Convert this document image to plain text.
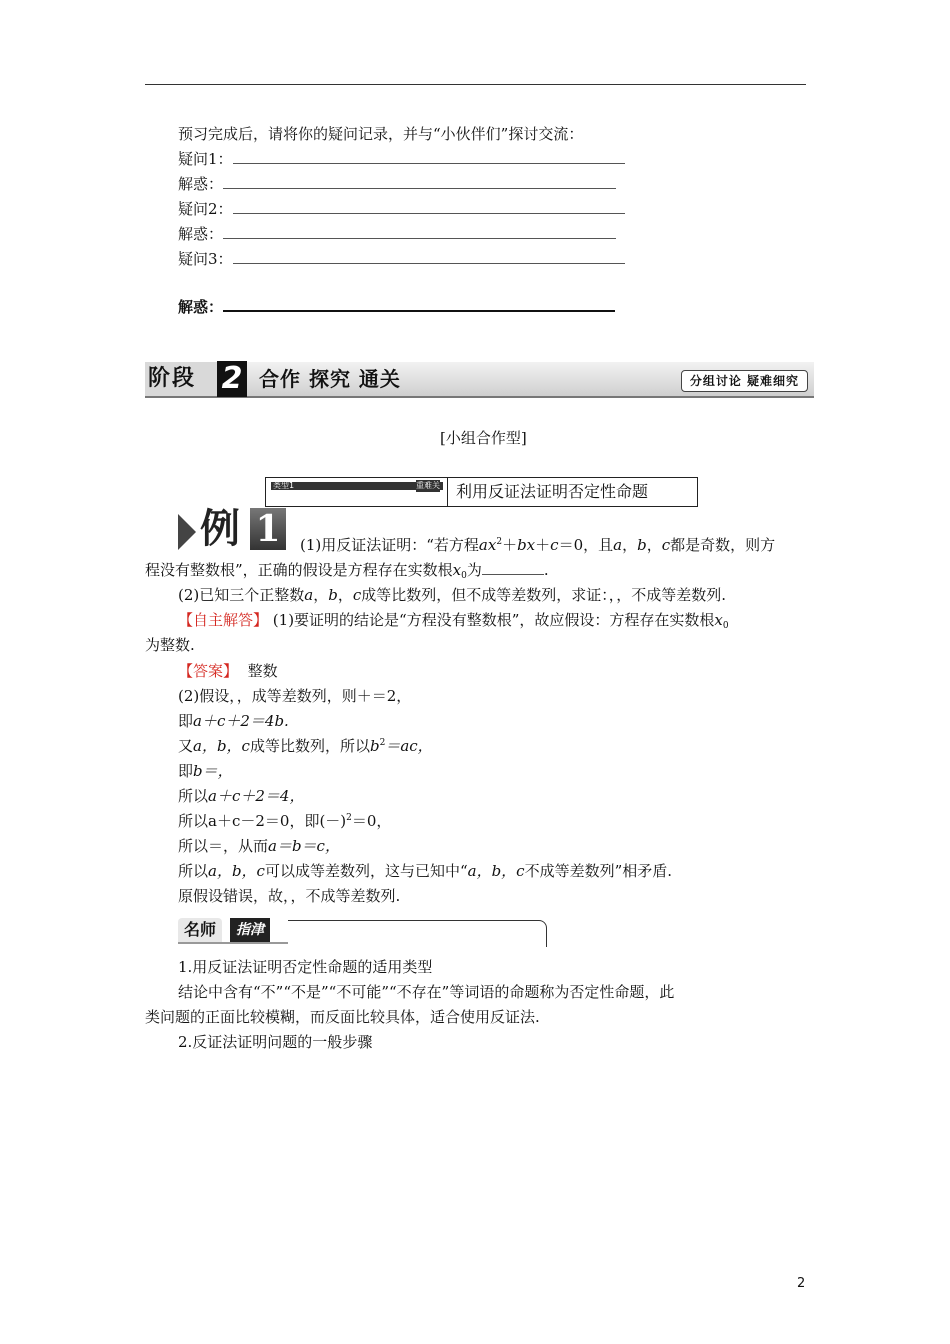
预习完成后，请将你的疑问记录，并与“小伙伴们”探讨交流：
疑问1：
解惑：
疑问2：
解惑：
疑问3：
解惑：
阶段 2 合作 探究 通关	分组讨论 疑难细究
[小组合作型]
类型1	重难关 利用反证法证明否定性命题
例 1	(1)用反证法证明：“若方程$ax^2+bx+c=0$，且a，b，c都是奇数，则方
程没有整数根”，正确的假设是方程存在实数根$x_0$为	.
(2)已知三个正整数a，b，c成等比数列，但不成等差数列，求证：，，不成等差数列.
【自主解答】 (1)要证明的结论是“方程没有整数根”，故应假设：方程存在实数根$x_0$
为整数.
【答案】 整数
(2)假设，，成等差数列，则＋＝2，
即a＋c＋2＝4b.
又a，b，c成等比数列，所以$b^2=ac$，
即b＝，
所以a＋c＋2＝4，
所以a＋c－2＝0，即$(-)^2=0$，
所以＝，从而a＝b＝c，
所以a，b，c可以成等差数列，这与已知中“a，b，c不成等差数列”相矛盾.
原假设错误，故，，不成等差数列.
名师	指津
1.用反证法证明否定性命题的适用类型
结论中含有“不”“不是”“不可能”“不存在”等词语的命题称为否定性命题，此
类问题的正面比较模糊，而反面比较具体，适合使用反证法.
2.反证法证明问题的一般步骤
2
